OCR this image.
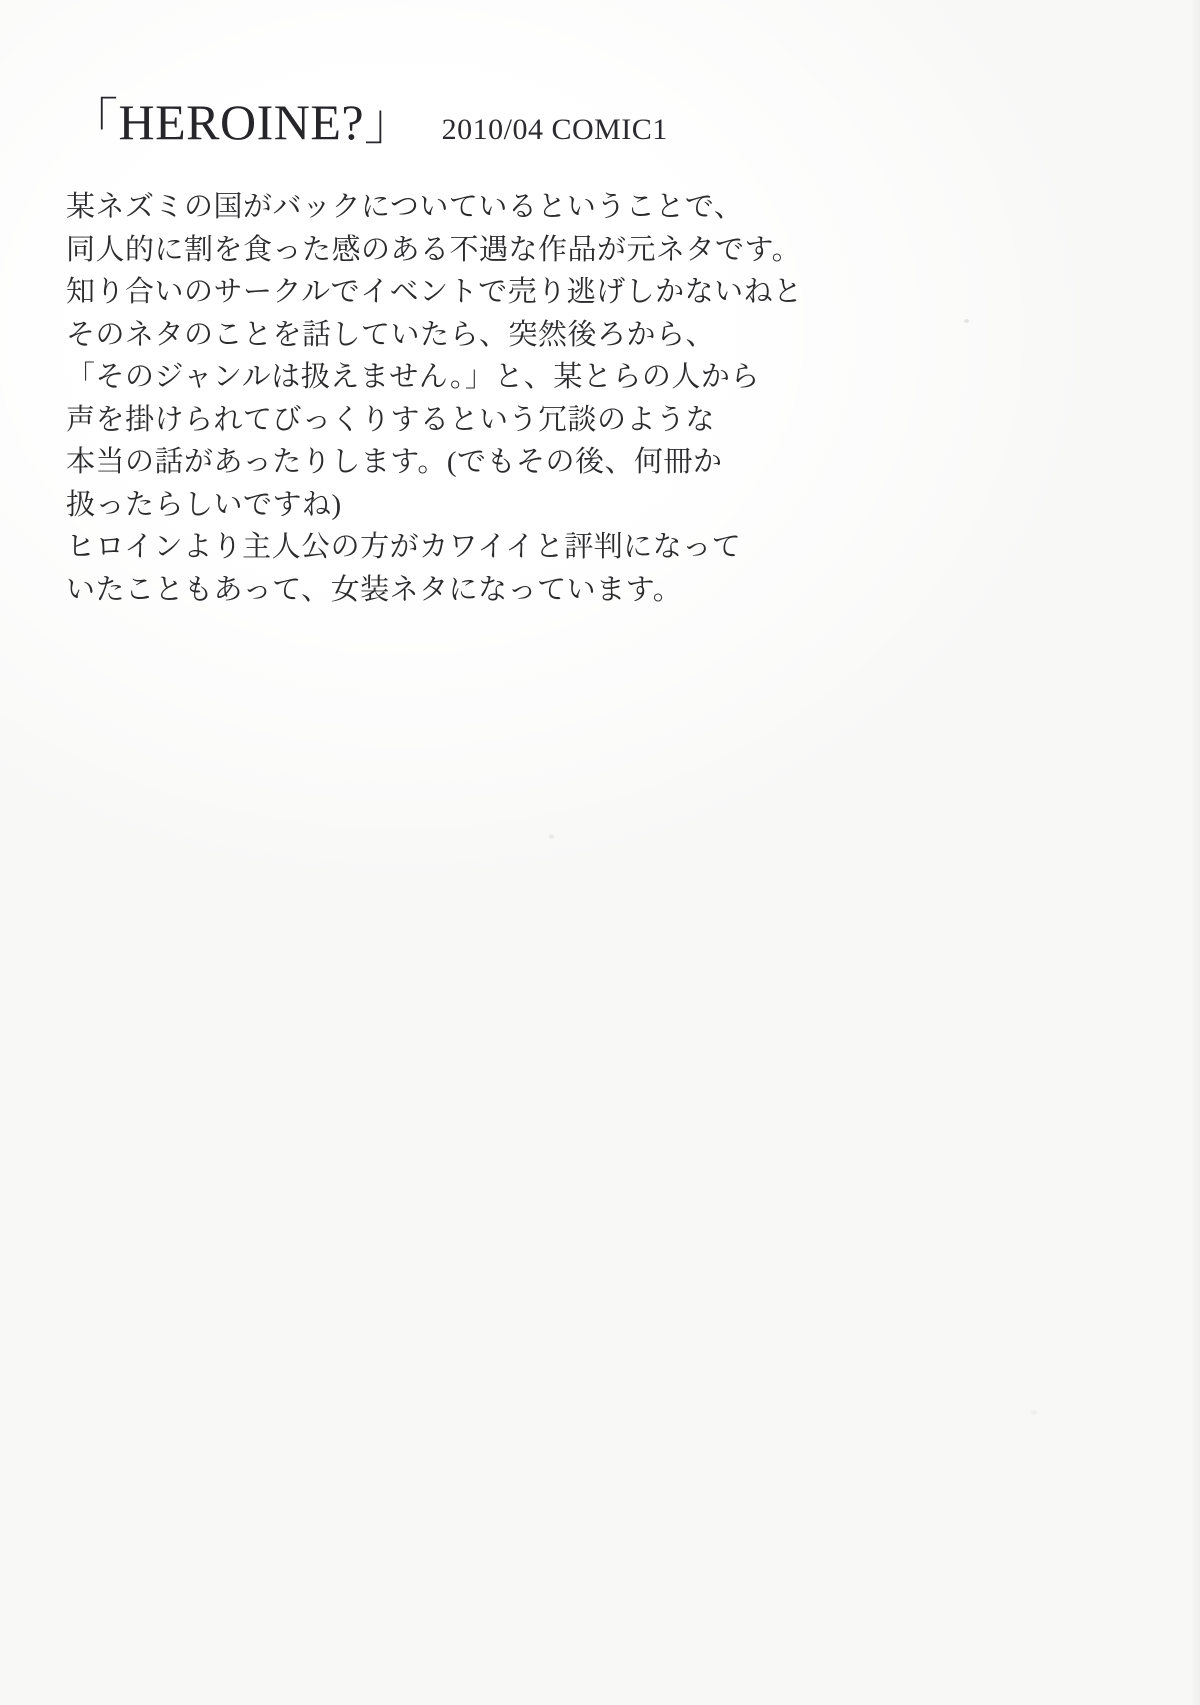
「HEROINE?」 2010/04 COMIC1

某ネズミの国がバックについているということで、

同人的に割を食った感のある不遇な作品が元ネタです。

知り合いのサークルでイベントで売り逃げしかないねと

そのネタのことを話していたら、突然後ろから、

「そのジャンルは扱えません。」と、某とらの人から

声を掛けられてびっくりするという冗談のような

本当の話があったりします。(でもその後、何冊か

扱ったらしいですね)

ヒロインより主人公の方がカワイイと評判になって

いたこともあって、女装ネタになっています。
